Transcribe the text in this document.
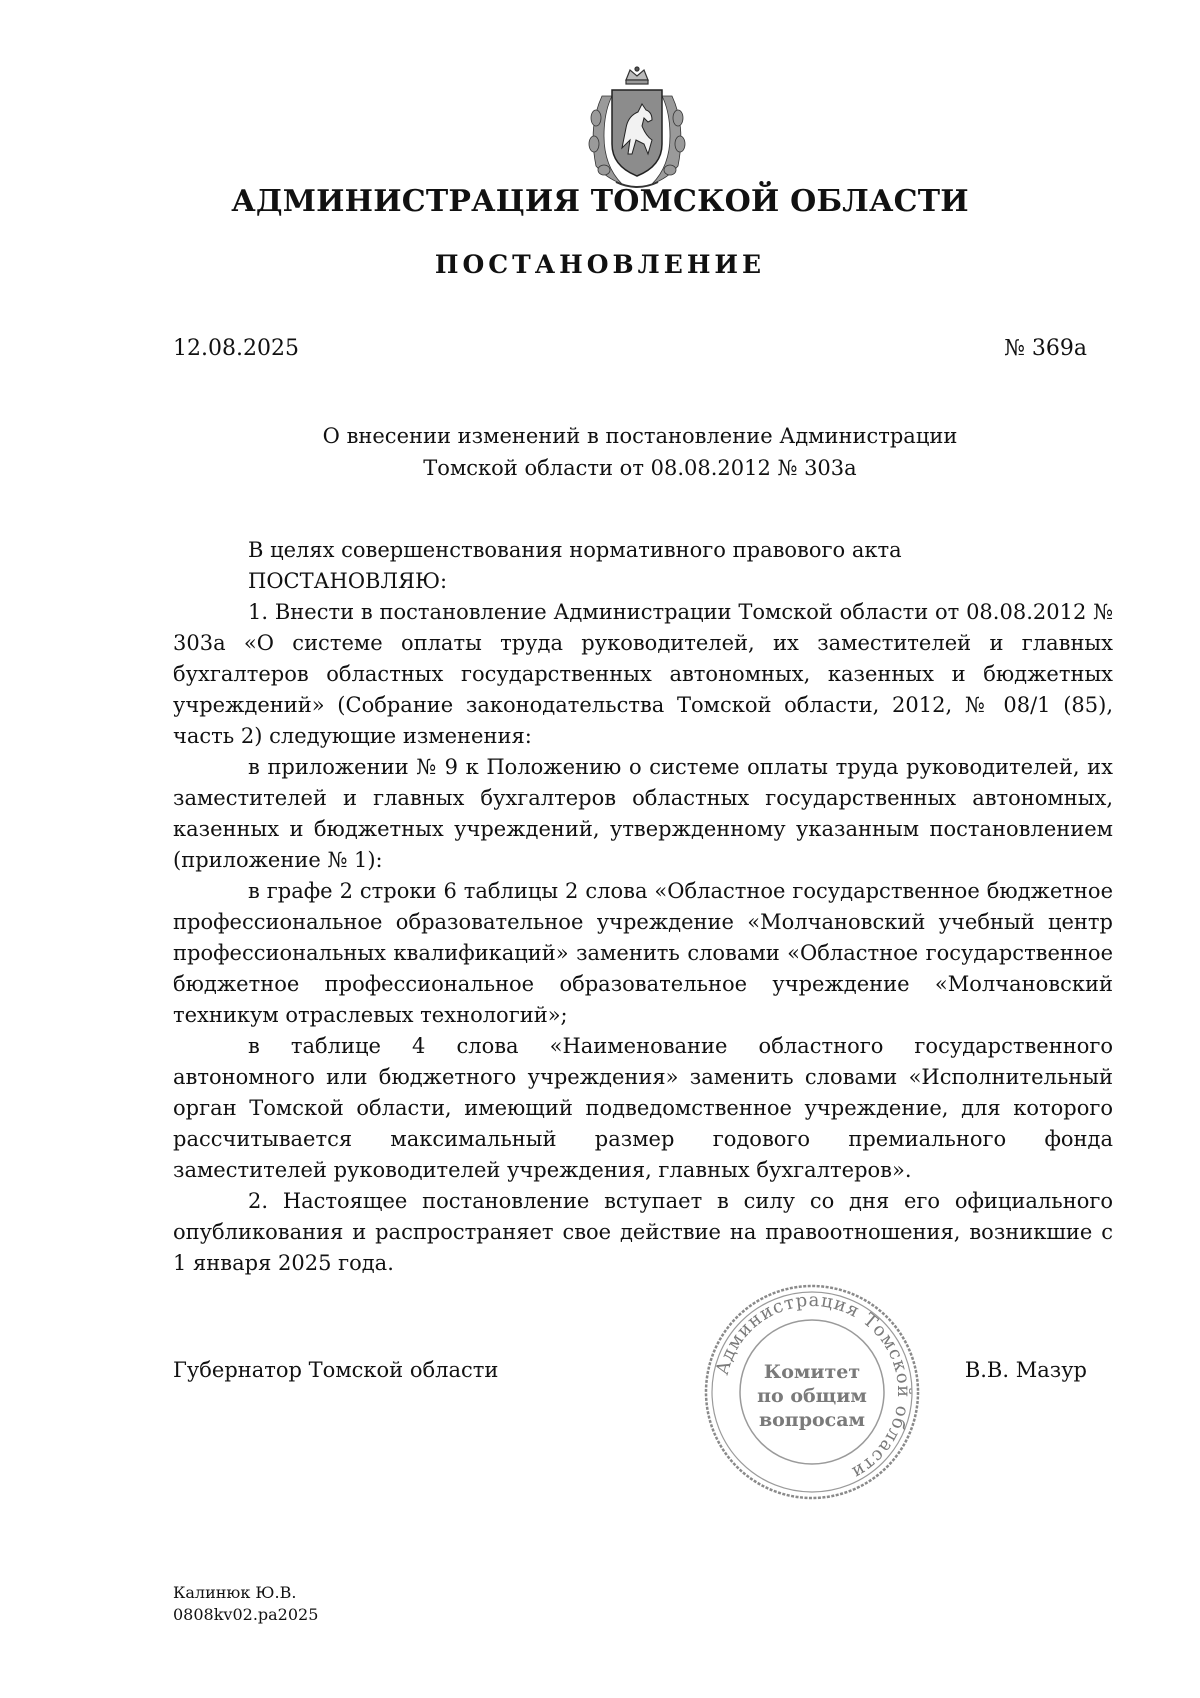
АДМИНИСТРАЦИЯ ТОМСКОЙ ОБЛАСТИ
ПОСТАНОВЛЕНИЕ
12.08.2025	№ 369а
О внесении изменений в постановление Администрации
Томской области от 08.08.2012 № 303а

В целях совершенствования нормативного правового акта

ПОСТАНОВЛЯЮ:

1. Внести в постановление Администрации Томской области от 08.08.2012 № 303а «О системе оплаты труда руководителей, их заместителей и главных бухгалтеров областных государственных автономных, казенных и бюджетных учреждений» (Собрание законодательства Томской области, 2012, № 08/1 (85), часть 2) следующие изменения:

в приложении № 9 к Положению о системе оплаты труда руководителей, их заместителей и главных бухгалтеров областных государственных автономных, казенных и бюджетных учреждений, утвержденному указанным постановлением (приложение № 1):

в графе 2 строки 6 таблицы 2 слова «Областное государственное бюджетное профессиональное образовательное учреждение «Молчановский учебный центр профессиональных квалификаций» заменить словами «Областное государственное бюджетное профессиональное образовательное учреждение «Молчановский техникум отраслевых технологий»;

в таблице 4 слова «Наименование областного государственного автономного или бюджетного учреждения» заменить словами «Исполнительный орган Томской области, имеющий подведомственное учреждение, для которого рассчитывается максимальный размер годового премиального фонда заместителей руководителей учреждения, главных бухгалтеров».

2. Настоящее постановление вступает в силу со дня его официального опубликования и распространяет свое действие на правоотношения, возникшие с 1 января 2025 года.

Губернатор Томской области	В.В. Мазур
Администрация Томской области
Комитет
по общим
вопросам
Калинюк Ю.В.
0808kv02.pa2025
